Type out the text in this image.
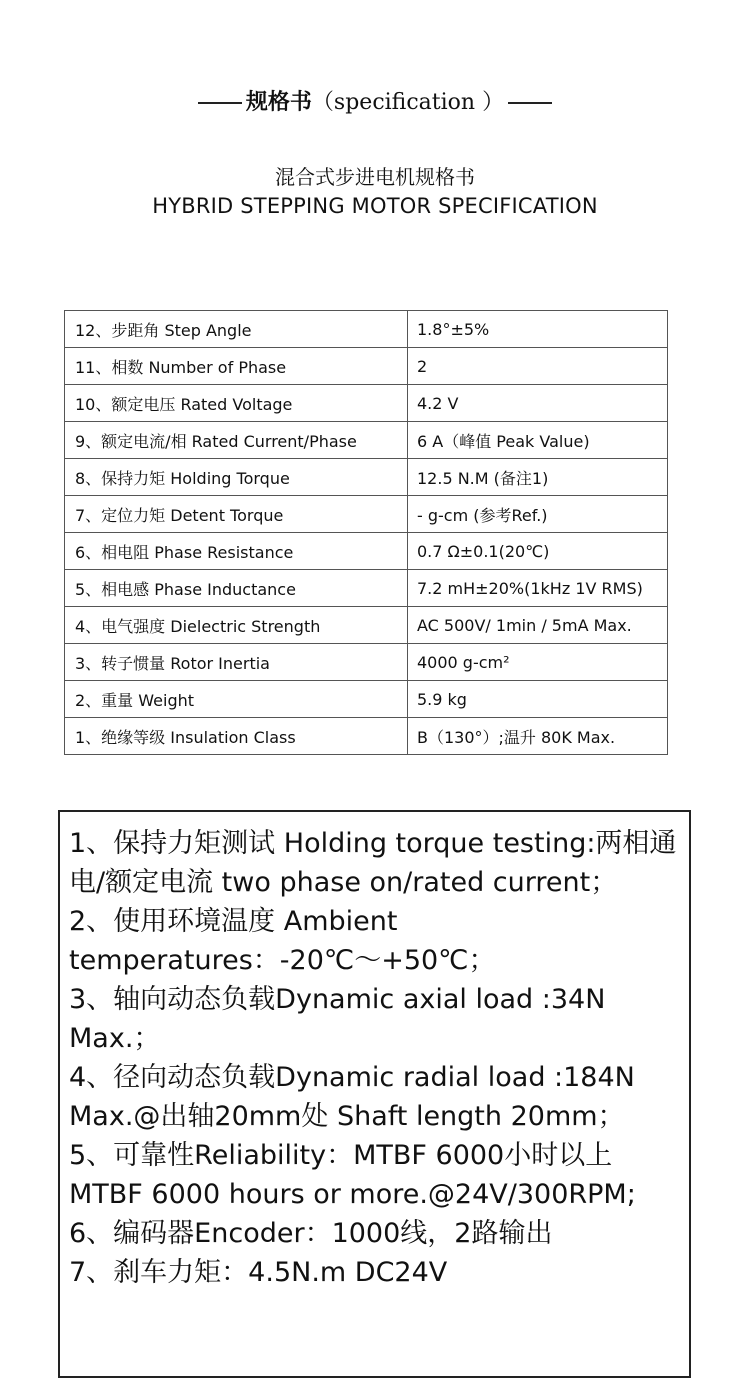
规格书（specification ）
混合式步进电机规格书
HYBRID STEPPING MOTOR SPECIFICATION
12、步距角 Step Angle	1.8°±5%
11、相数 Number of Phase	2
10、额定电压 Rated Voltage	4.2 V
9、额定电流/相 Rated Current/Phase	6 A（峰值 Peak Value)
8、保持力矩 Holding Torque	12.5 N.M (备注1)
7、定位力矩 Detent Torque	- g-cm (参考Ref.)
6、相电阻 Phase Resistance	0.7 Ω±0.1(20℃)
5、相电感 Phase Inductance	7.2 mH±20%(1kHz 1V RMS)
4、电气强度 Dielectric Strength	AC 500V/ 1min / 5mA Max.
3、转子惯量 Rotor Inertia	4000 g-cm²
2、重量 Weight	5.9 kg
1、绝缘等级 Insulation Class	B（130°）;温升 80K Max.

1、保持力矩测试 Holding torque testing:两相通电/额定电流 two phase on/rated current；

2、使用环境温度 Ambient temperatures：-20℃～+50℃；

3、轴向动态负载Dynamic axial load :34N Max.；

4、径向动态负载Dynamic radial load :184N Max.@出轴20mm处 Shaft length 20mm；

5、可靠性Reliability：MTBF 6000小时以上 MTBF 6000 hours or more.@24V/300RPM;

6、编码器Encoder：1000线，2路输出

7、刹车力矩：4.5N.m DC24V
